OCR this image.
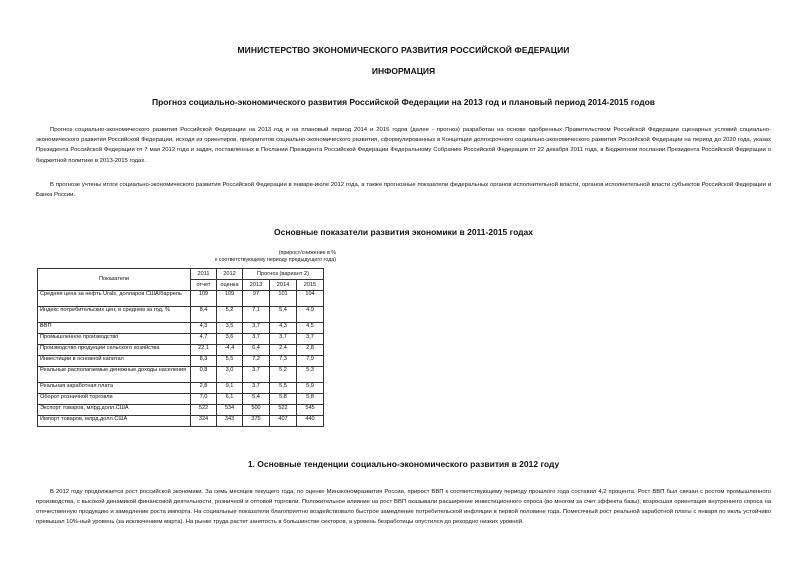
МИНИСТЕРСТВО ЭКОНОМИЧЕСКОГО РАЗВИТИЯ РОССИЙСКОЙ ФЕДЕРАЦИИ
ИНФОРМАЦИЯ
Прогноз социально-экономического развития Российской Федерации на 2013 год и плановый период 2014-2015 годов

Прогноз социально-экономического развития Российской Федерации на 2013 год и на плановый период 2014 и 2015 годов (далее - прогноз) разработан на основе одобренных Правительством Российской Федерации сценарных условий социально-экономического развития Российской Федерации, исходя из ориентиров, приоритетов социально-экономического развития, сформулированных в Концепции долгосрочного социально-экономического развития Российской Федерации на период до 2020 года, указах Президента Российской Федерации от 7 мая 2012 года и задач, поставленных в Послании Президента Российской Федерации Федеральному Собранию Российской Федерации от 22 декабря 2011 года, в Бюджетном послании Президента Российской Федерации о бюджетной политике в 2013-2015 годах.

В прогнозе учтены итоги социально-экономического развития Российской Федерации в январе-июле 2012 года, а также прогнозные показатели федеральных органов исполнительной власти, органов исполнительной власти субъектов Российской Федерации и Банка России.

Основные показатели развития экономики в 2011-2015 годах
(прирост/снижение в %
к соответствующему периоду предыдущего года)
Показатели	2011	2012	Прогноз (вариант 2)		
	отчет	оценка	2013	2014	2015
Средняя цена за нефть Urals, долларов США/баррель	109	109	97	101	104
Индекс потребительских цен, в среднем за год, %	8,4	5,2	7,1	5,4	4,9
ВВП	4,3	3,5	3,7	4,3	4,5
Промышленное производство	4,7	3,6	3,7	3,7	3,7
Производство продукции сельского хозяйства	22,1	-4,4	6,4	2,4	2,8
Инвестиции в основной капитал	8,3	5,5	7,2	7,3	7,9
Реальные располагаемые денежные доходы населения	0,8	3,0	3,7	5,2	5,3
Реальная заработная плата	2,8	9,1	3,7	5,5	5,9
Оборот розничной торговли	7,0	6,1	5,4	5,8	5,8
Экспорт товаров, млрд.долл.США	522	534	500	522	545
Импорт товаров, млрд.долл.США	324	343	375	407	440
1. Основные тенденции социально-экономического развития в 2012 году

В 2012 году продолжается рост российской экономики. За семь месяцев текущего года, по оценке Минэкономразвития России, прирост ВВП к соответствующему периоду прошлого года составил 4,2 процента. Рост ВВП был связан с ростом промышленного производства, с высокой динамикой финансовой деятельности, розничной и оптовой торговли. Положительное влияние на рост ВВП оказывали расширение инвестиционного спроса (во многом за счет эффекта базы), возросшая ориентация внутреннего спроса на отечественную продукцию и замедление роста импорта. На социальные показатели благоприятно воздействовало быстрое замедление потребительской инфляции в первой половине года. Помесячный рост реальной заработной платы с января по июль устойчиво превышал 10%-ный уровень (за исключением марта). На рынке труда растет занятость в большинстве секторов, а уровень безработицы опустился до рекордно низких уровней.
